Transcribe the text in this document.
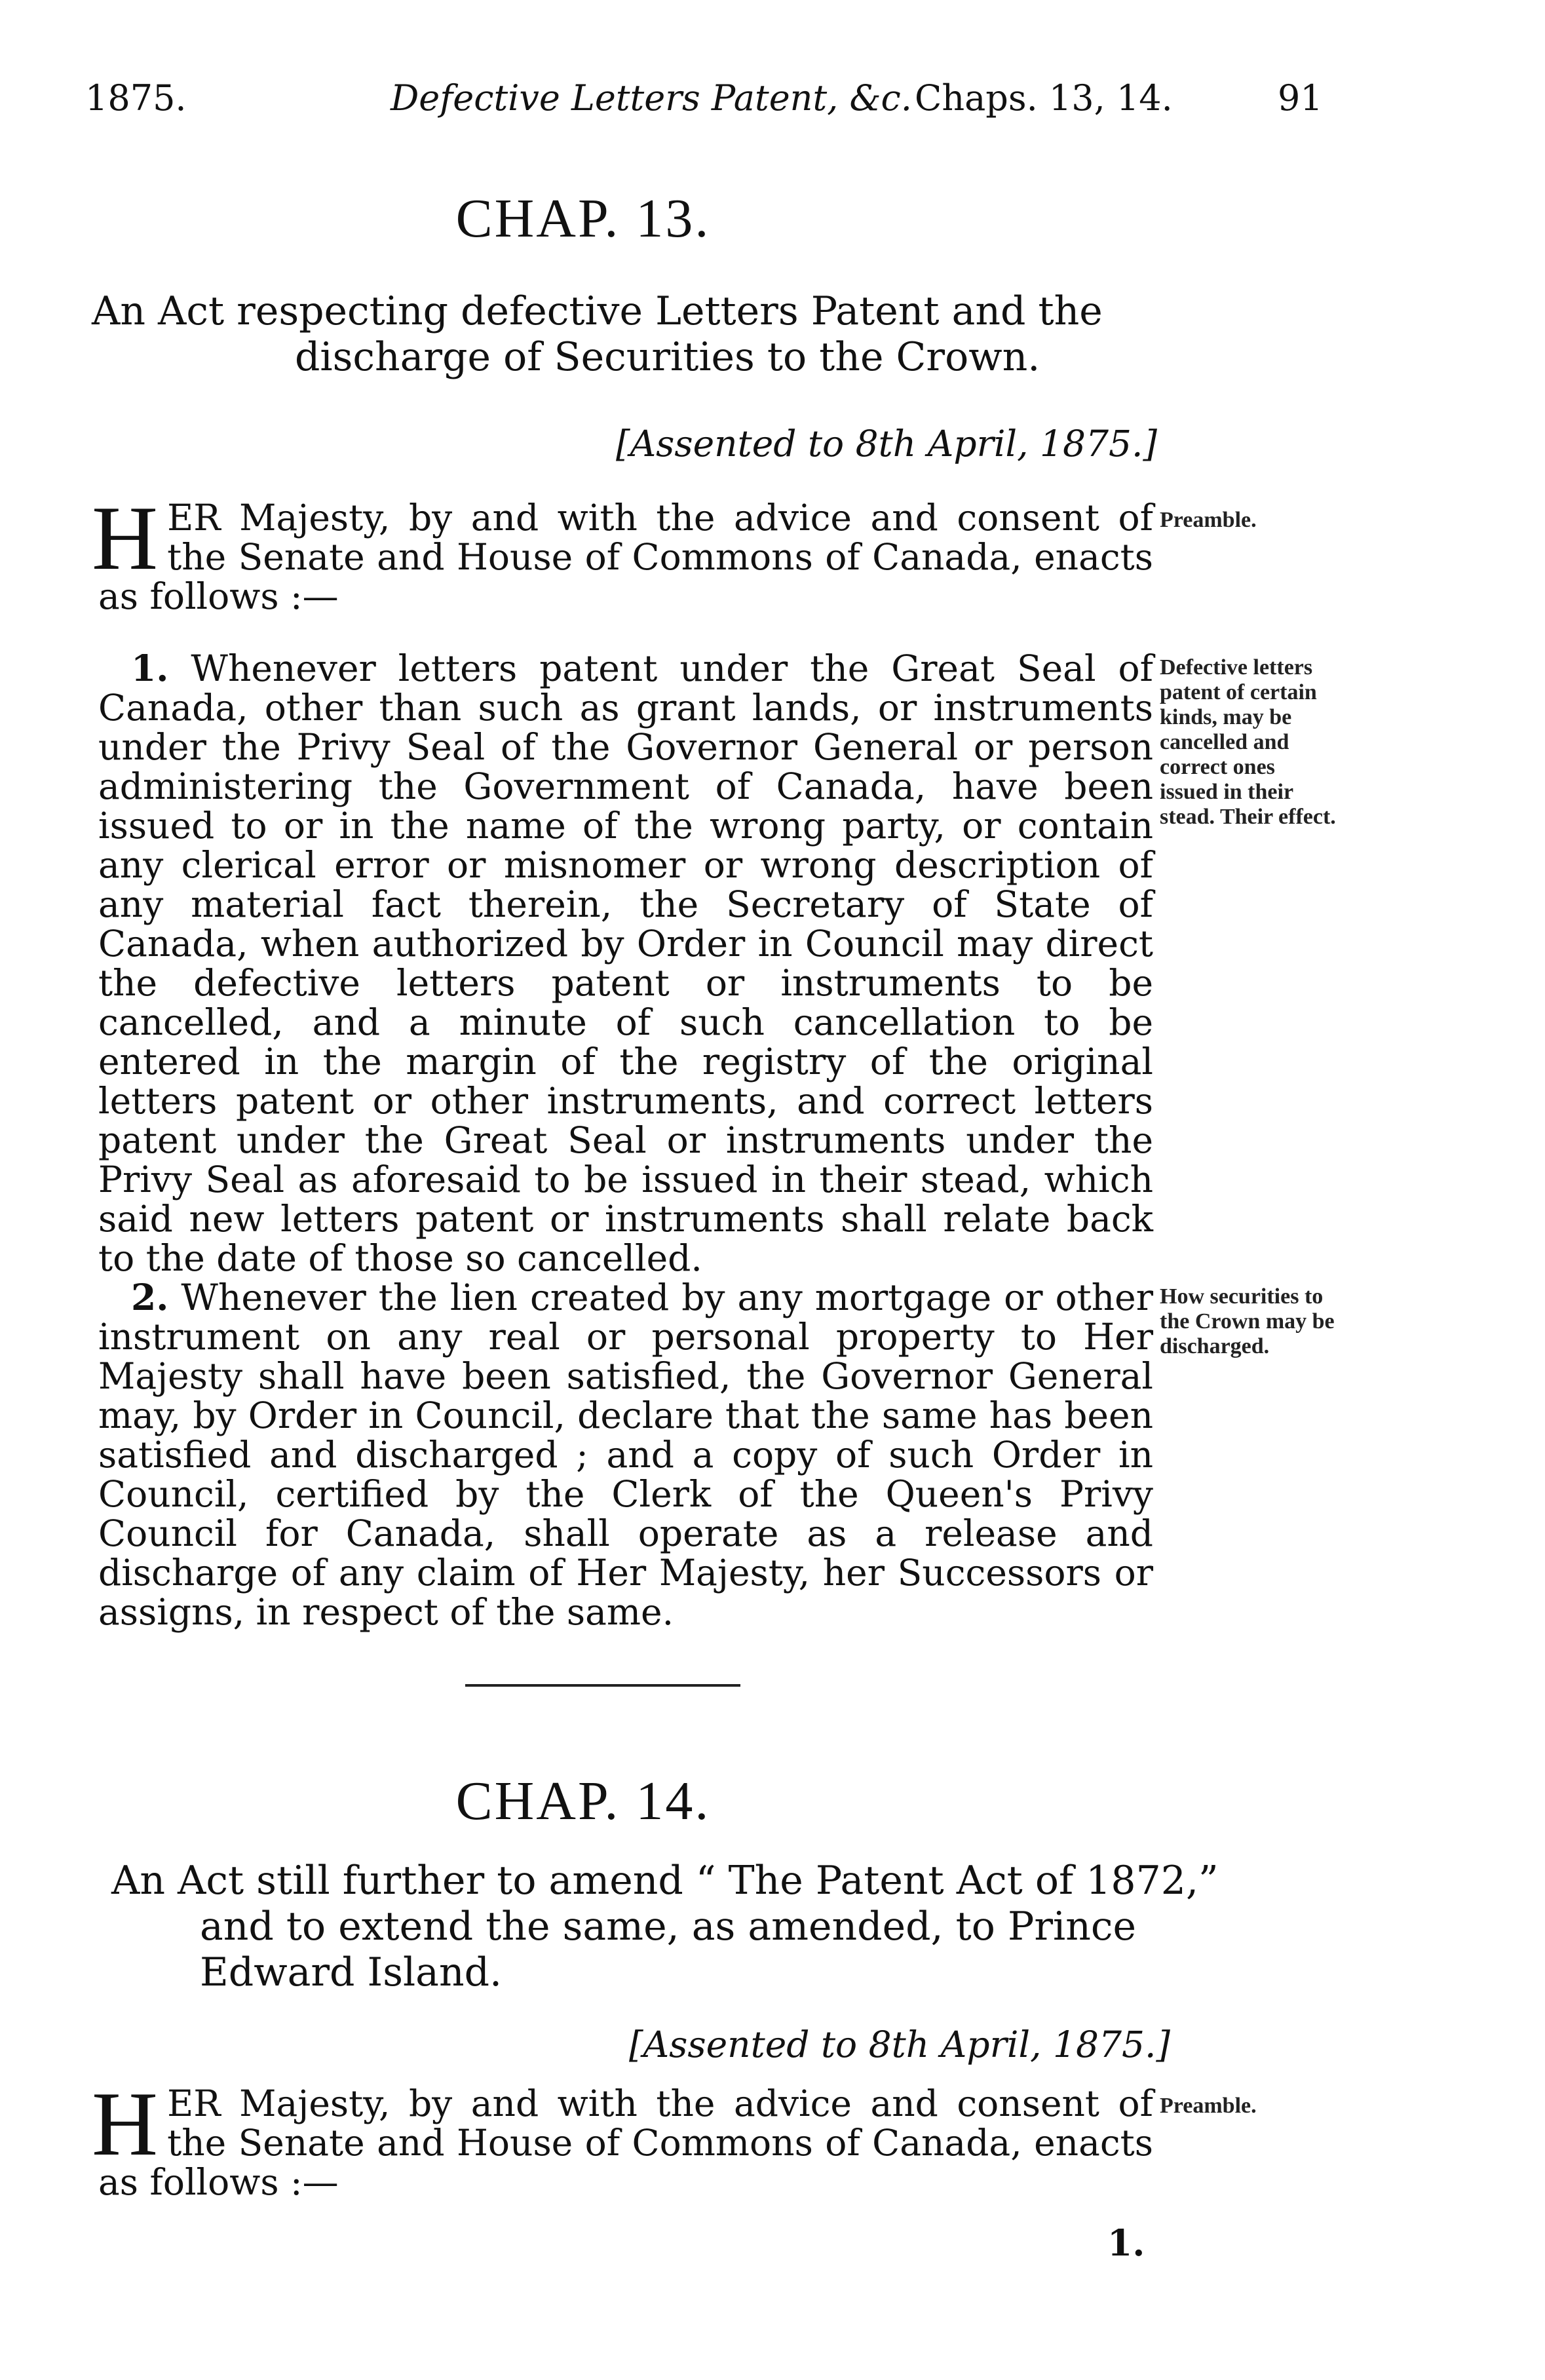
1875.	Defective Letters Patent, &c. Chaps. 13, 14.	91
CHAP. 13.
An Act respecting defective Letters Patent and the
discharge of Securities to the Crown.
[Assented to 8th April, 1875.]

HER Majesty, by and with the advice and consent of the Senate and House of Commons of Canada, enacts as follows :—

Preamble.

1. Whenever letters patent under the Great Seal of Canada, other than such as grant lands, or instruments under the Privy Seal of the Governor General or person administering the Government of Canada, have been issued to or in the name of the wrong party, or contain any clerical error or misnomer or wrong description of any material fact therein, the Secretary of State of Canada, when authorized by Order in Council may direct the defective letters patent or instruments to be cancelled, and a minute of such cancellation to be entered in the margin of the registry of the original letters patent or other instruments, and correct letters patent under the Great Seal or instruments under the Privy Seal as aforesaid to be issued in their stead, which said new letters patent or instruments shall relate back to the date of those so cancelled.

Defective letters patent of certain kinds, may be cancelled and correct ones issued in their stead. Their effect.

2. Whenever the lien created by any mortgage or other instrument on any real or personal property to Her Majesty shall have been satisfied, the Governor General may, by Order in Council, declare that the same has been satisfied and discharged ; and a copy of such Order in Council, certified by the Clerk of the Queen's Privy Council for Canada, shall operate as a release and discharge of any claim of Her Majesty, her Successors or assigns, in respect of the same.

How securities to the Crown may be discharged.
CHAP. 14.
An Act still further to amend “ The Patent Act of 1872,”
and to extend the same, as amended, to Prince
Edward Island.
[Assented to 8th April, 1875.]

HER Majesty, by and with the advice and consent of the Senate and House of Commons of Canada, enacts as follows :—

Preamble.
1.
